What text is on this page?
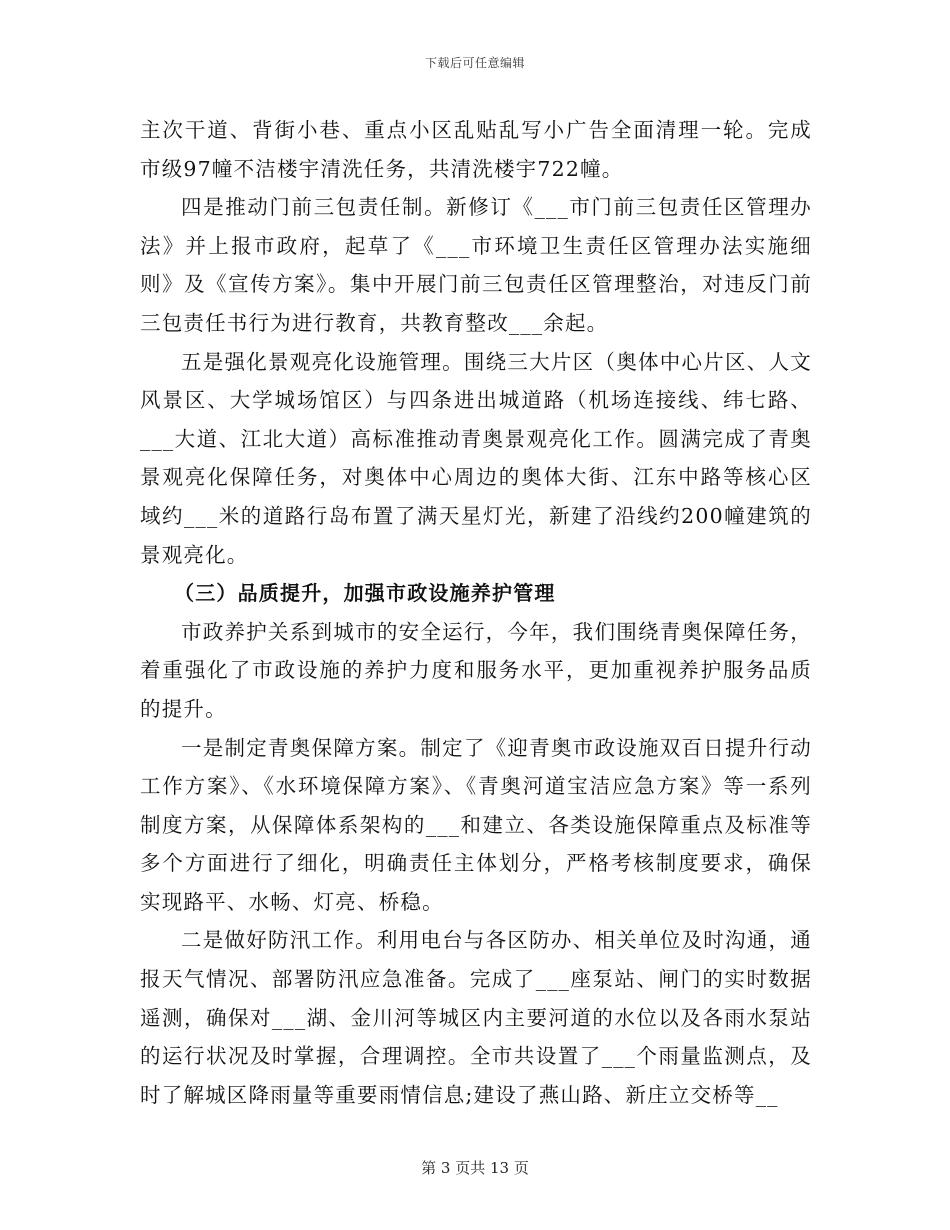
下载后可任意编辑

主次干道、背街小巷、重点小区乱贴乱写小广告全面清理一轮。完成市级97幢不洁楼宇清洗任务，共清洗楼宇722幢。

四是推动门前三包责任制。新修订《___市门前三包责任区管理办法》并上报市政府，起草了《___市环境卫生责任区管理办法实施细则》及《宣传方案》。集中开展门前三包责任区管理整治，对违反门前三包责任书行为进行教育，共教育整改___余起。

五是强化景观亮化设施管理。围绕三大片区（奥体中心片区、人文风景区、大学城场馆区）与四条进出城道路（机场连接线、纬七路、___大道、江北大道）高标准推动青奥景观亮化工作。圆满完成了青奥景观亮化保障任务，对奥体中心周边的奥体大街、江东中路等核心区域约___米的道路行岛布置了满天星灯光，新建了沿线约200幢建筑的景观亮化。

（三）品质提升，加强市政设施养护管理

市政养护关系到城市的安全运行，今年，我们围绕青奥保障任务，着重强化了市政设施的养护力度和服务水平，更加重视养护服务品质的提升。

一是制定青奥保障方案。制定了《迎青奥市政设施双百日提升行动工作方案》、《水环境保障方案》、《青奥河道宝洁应急方案》等一系列制度方案，从保障体系架构的___和建立、各类设施保障重点及标准等多个方面进行了细化，明确责任主体划分，严格考核制度要求，确保实现路平、水畅、灯亮、桥稳。

二是做好防汛工作。利用电台与各区防办、相关单位及时沟通，通报天气情况、部署防汛应急准备。完成了___座泵站、闸门的实时数据遥测，确保对___湖、金川河等城区内主要河道的水位以及各雨水泵站的运行状况及时掌握，合理调控。全市共设置了___个雨量监测点，及时了解城区降雨量等重要雨情信息;建设了燕山路、新庄立交桥等__

第 3 页共 13 页
